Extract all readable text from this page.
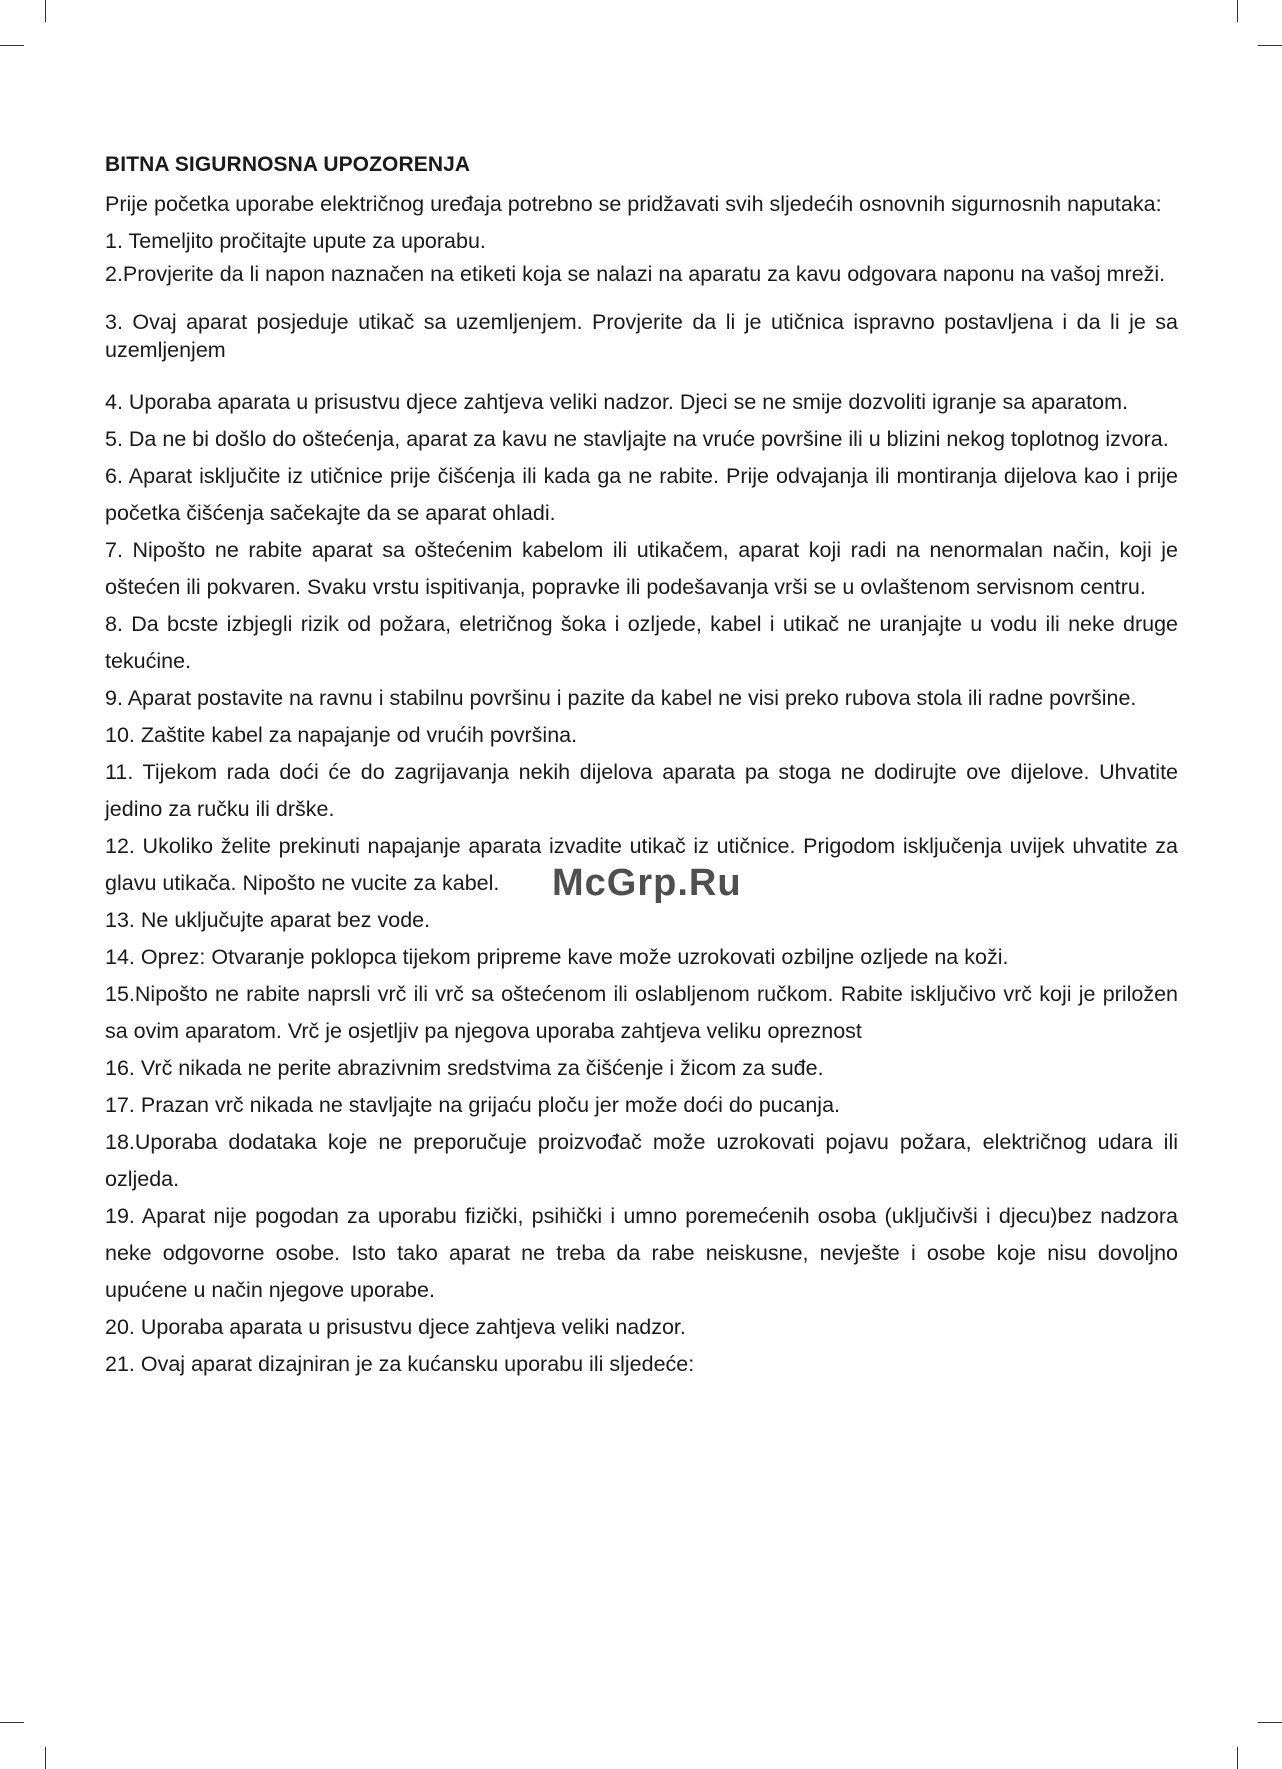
BITNA SIGURNOSNA UPOZORENJA

Prije početka uporabe električnog uređaja potrebno se pridžavati svih sljedećih osnovnih sigurnosnih naputaka:

1. Temeljito pročitajte upute za uporabu.

2.Provjerite da li napon naznačen na etiketi koja se nalazi na aparatu za kavu odgovara naponu na vašoj mreži.

3. Ovaj aparat posjeduje utikač sa uzemljenjem. Provjerite da li je utičnica ispravno postavljena i da li je sa uzemljenjem

4. Uporaba aparata u prisustvu djece zahtjeva veliki nadzor. Djeci se ne smije dozvoliti igranje sa aparatom.

5. Da ne bi došlo do oštećenja, aparat za kavu ne stavljajte na vruće površine ili u blizini nekog toplotnog izvora.

6. Aparat isključite iz utičnice prije čišćenja ili kada ga ne rabite. Prije odvajanja ili montiranja dijelova kao i prije početka čišćenja sačekajte da se aparat ohladi.

7. Nipošto ne rabite aparat sa oštećenim kabelom ili utikačem, aparat koji radi na nenormalan način, koji je oštećen ili pokvaren. Svaku vrstu ispitivanja, popravke ili podešavanja vrši se u ovlaštenom servisnom centru.

8. Da bcste izbjegli rizik od požara, eletričnog šoka i ozljede, kabel i utikač ne uranjajte u vodu ili neke druge tekućine.

9. Aparat postavite na ravnu i stabilnu površinu i pazite da kabel ne visi preko rubova stola ili radne površine.

10. Zaštite kabel za napajanje od vrućih površina.

11. Tijekom rada doći će do zagrijavanja nekih dijelova aparata pa stoga ne dodirujte ove dijelove. Uhvatite jedino za ručku ili drške.

12. Ukoliko želite prekinuti napajanje aparata izvadite utikač iz utičnice. Prigodom isključenja uvijek uhvatite za glavu utikača. Nipošto ne vucite za kabel.

13. Ne uključujte aparat bez vode.

14. Oprez: Otvaranje poklopca tijekom pripreme kave može uzrokovati ozbiljne ozljede na koži.

15.Nipošto ne rabite naprsli vrč ili vrč sa oštećenom ili oslabljenom ručkom. Rabite isključivo vrč koji je priložen sa ovim aparatom. Vrč je osjetljiv pa njegova uporaba zahtjeva veliku opreznost

16. Vrč nikada ne perite abrazivnim sredstvima za čišćenje i žicom za suđe.

17. Prazan vrč nikada ne stavljajte na grijaću ploču jer može doći do pucanja.

18.Uporaba dodataka koje ne preporučuje proizvođač može uzrokovati pojavu požara, električnog udara ili ozljeda.

19. Aparat nije pogodan za uporabu fizički, psihički i umno poremećenih osoba (uključivši i djecu)bez nadzora neke odgovorne osobe. Isto tako aparat ne treba da rabe neiskusne, nevješte i osobe koje nisu dovoljno upućene u način njegove uporabe.

20. Uporaba aparata u prisustvu djece zahtjeva veliki nadzor.

21. Ovaj aparat dizajniran je za kućansku uporabu ili sljedeće:

McGrp.Ru
